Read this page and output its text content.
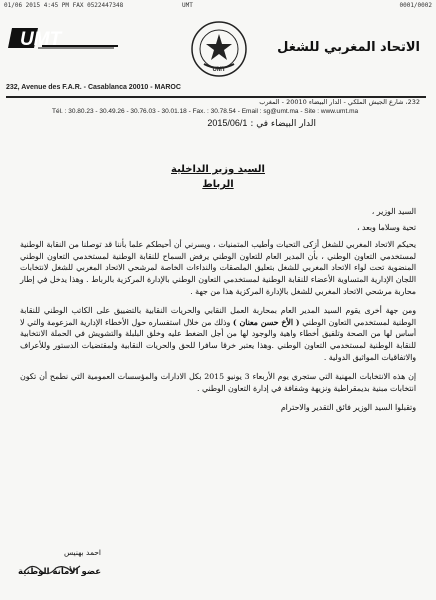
01/06 2015 4:45 PM FAX 0522447348	UMT	0001/0002
UMT
UMT
الاتحاد المغربي للشغل
232, Avenue des F.A.R. - Casablanca 20010 - MAROC
232، شارع الجيش الملكي - الدار البيضاء 20010 - المغرب
Tél. : 30.80.23 - 30.49.26 - 30.76.03 - 30.01.18 - Fax. : 30.78.54 - Email : sg@umt.ma - Site : www.umt.ma
الدار البيضاء في : 2015/06/1
السيد وزير الداخلية
الرباط
السيد الوزير ،
تحية وسلاما وبعد ،

يحيكم الاتحاد المغربي للشغل أزكى التحيات وأطيب المتمنيات ، ويسرني أن أحيطكم علما بأننا قد توصلنا من النقابة الوطنية لمستخدمي التعاون الوطني ، بأن المدير العام للتعاون الوطني يرفض السماح للنقابة الوطنية لمستخدمي التعاون الوطني المنضوية تحت لواء الاتحاد المغربي للشغل بتعليق الملصقات والنداءات الخاصة لمرشحي الاتحاد المغربي للشغل لانتخابات اللجان الإدارية المتساوية الأعضاء للنقابة الوطنية لمستخدمي التعاون الوطني بالإدارة المركزية بالرباط . وهذا يدخل في إطار محاربة مرشحي الاتحاد المغربي للشغل بالإدارة المركزية هذا من جهة .

ومن جهة أخرى يقوم السيد المدير العام بمحاربة العمل النقابي والحريات النقابية بالتضييق على الكاتب الوطني للنقابة الوطنية لمستخدمي التعاون الوطني ( الأخ حسن معنان ) وذلك من خلال استفساره حول الأخطاء الإدارية المزعومة والتي لا أساس لها من الصحة وتلفيق أخطاء واهية والوجود لها من أجل الضغط عليه وخلق البلبلة والتشويش في الحملة الانتخابية للنقابة الوطنية لمستخدمي التعاون الوطني .وهذا يعتبر خرقا سافرا للحق والحريات النقابية ولمقتضيات الدستور وللأعراف والاتفاقيات المواثيق الدولية .

إن هذه الانتخابات المهنية التي ستجري يوم الأربعاء 3 يونيو 2015 بكل الادارات والمؤسسات العمومية التي نطمح أن تكون انتخابات مبنية بديمقراطية ونزيهة وشفافة في إدارة التعاون الوطني .

وتقبلوا السيد الوزير فائق التقدير والاحترام

احمد بهنيس
عضو الأمانة الوطنية
